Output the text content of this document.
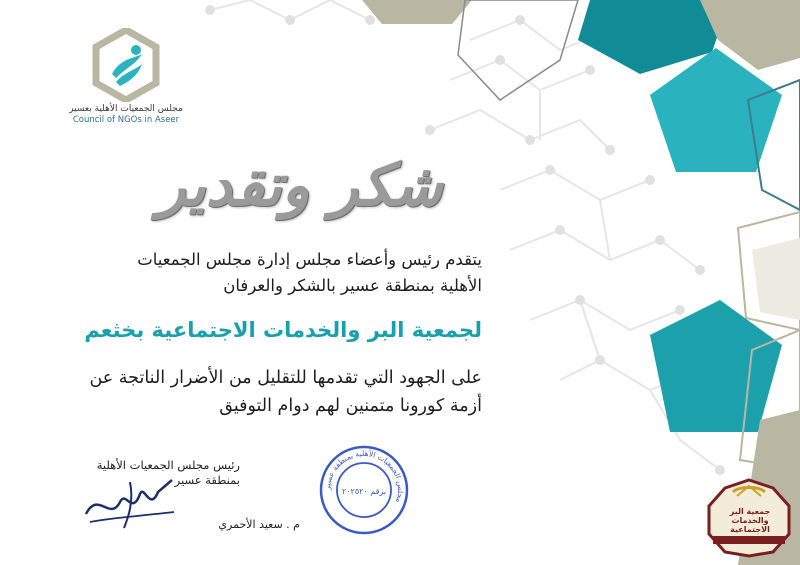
مجلس الجمعيات الأهلية بعسير
Council of NGOs in Aseer
شكر وتقدير
يتقدم رئيس وأعضاء مجلس إدارة مجلس الجمعيات
الأهلية بمنطقة عسير بالشكر والعرفان
لجمعية البر والخدمات الاجتماعية بخثعم
على الجهود التي تقدمها للتقليل من الأضرار الناتجة عن
أزمة كورونا متمنين لهم دوام التوفيق
رئيس مجلس الجمعيات الأهلية
بمنطقة عسير
م . سعيد الأحمري
مجلس الجمعيات الأهلية بمنطقة عسير
برقم ٢٠٢٥٢٠
جمعية البر
والخدمات الاجتماعية
بخثعم
